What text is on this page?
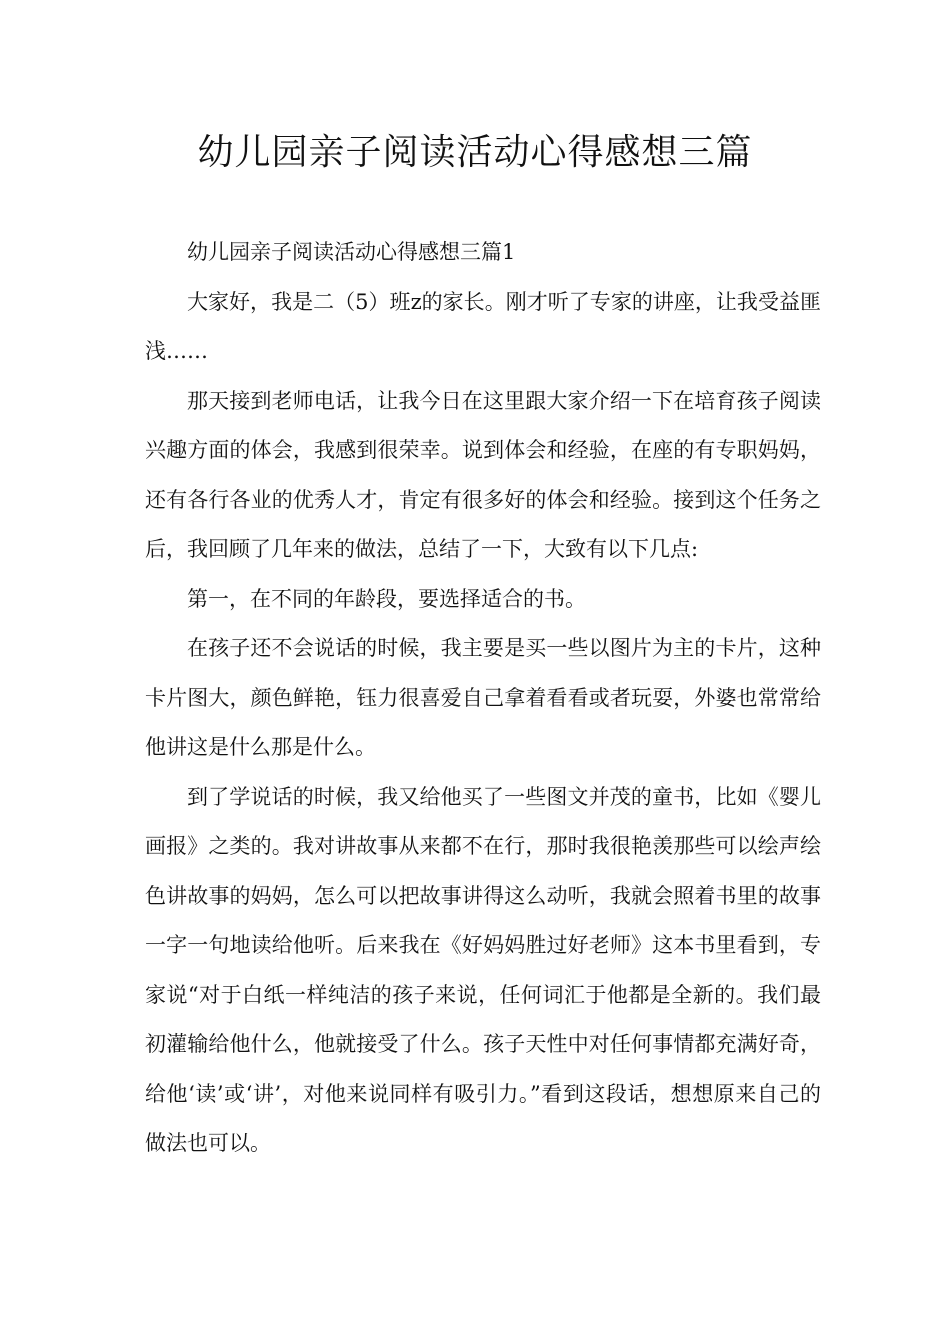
幼儿园亲子阅读活动心得感想三篇

幼儿园亲子阅读活动心得感想三篇1

大家好，我是二（5）班z的家长。刚才听了专家的讲座，让我受益匪浅……

那天接到老师电话，让我今日在这里跟大家介绍一下在培育孩子阅读兴趣方面的体会，我感到很荣幸。说到体会和经验，在座的有专职妈妈，还有各行各业的优秀人才，肯定有很多好的体会和经验。接到这个任务之后，我回顾了几年来的做法，总结了一下，大致有以下几点:

第一，在不同的年龄段，要选择适合的书。

在孩子还不会说话的时候，我主要是买一些以图片为主的卡片，这种卡片图大，颜色鲜艳，钰力很喜爱自己拿着看看或者玩耍，外婆也常常给他讲这是什么那是什么。

到了学说话的时候，我又给他买了一些图文并茂的童书，比如《婴儿画报》之类的。我对讲故事从来都不在行，那时我很艳羡那些可以绘声绘色讲故事的妈妈，怎么可以把故事讲得这么动听，我就会照着书里的故事一字一句地读给他听。后来我在《好妈妈胜过好老师》这本书里看到，专家说“对于白纸一样纯洁的孩子来说，任何词汇于他都是全新的。我们最初灌输给他什么，他就接受了什么。孩子天性中对任何事情都充满好奇，给他‘读’或‘讲’，对他来说同样有吸引力。”看到这段话，想想原来自己的做法也可以。
